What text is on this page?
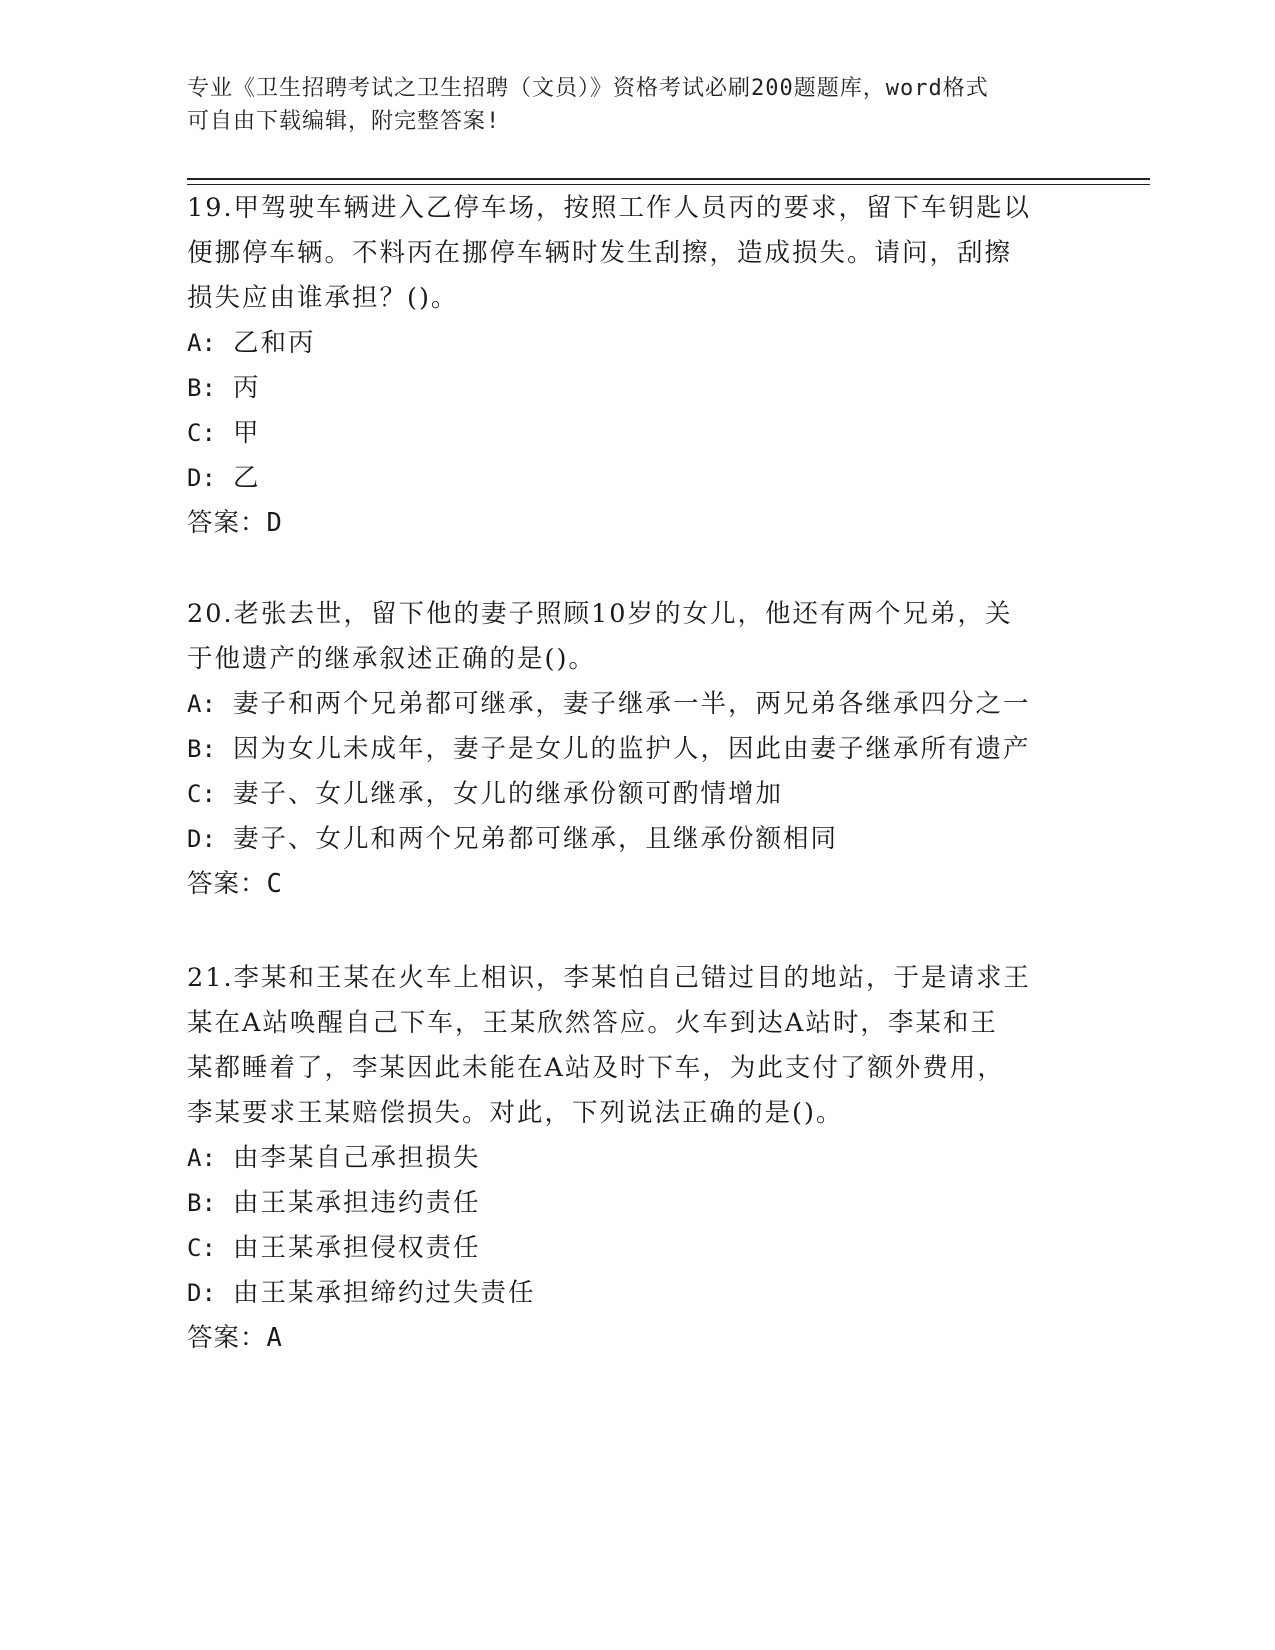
专业《卫生招聘考试之卫生招聘（文员）》资格考试必刷200题题库，word格式
可自由下载编辑，附完整答案!

19.甲驾驶车辆进入乙停车场，按照工作人员丙的要求，留下车钥匙以

便挪停车辆。不料丙在挪停车辆时发生刮擦，造成损失。请问，刮擦

损失应由谁承担？()。

A: 乙和丙

B: 丙

C: 甲

D: 乙

答案：D

20.老张去世，留下他的妻子照顾10岁的女儿，他还有两个兄弟，关

于他遗产的继承叙述正确的是()。

A: 妻子和两个兄弟都可继承，妻子继承一半，两兄弟各继承四分之一

B: 因为女儿未成年，妻子是女儿的监护人，因此由妻子继承所有遗产

C: 妻子、女儿继承，女儿的继承份额可酌情增加

D: 妻子、女儿和两个兄弟都可继承，且继承份额相同

答案：C

21.李某和王某在火车上相识，李某怕自己错过目的地站，于是请求王

某在A站唤醒自己下车，王某欣然答应。火车到达A站时，李某和王

某都睡着了，李某因此未能在A站及时下车，为此支付了额外费用，

李某要求王某赔偿损失。对此，下列说法正确的是()。

A: 由李某自己承担损失

B: 由王某承担违约责任

C: 由王某承担侵权责任

D: 由王某承担缔约过失责任

答案：A
